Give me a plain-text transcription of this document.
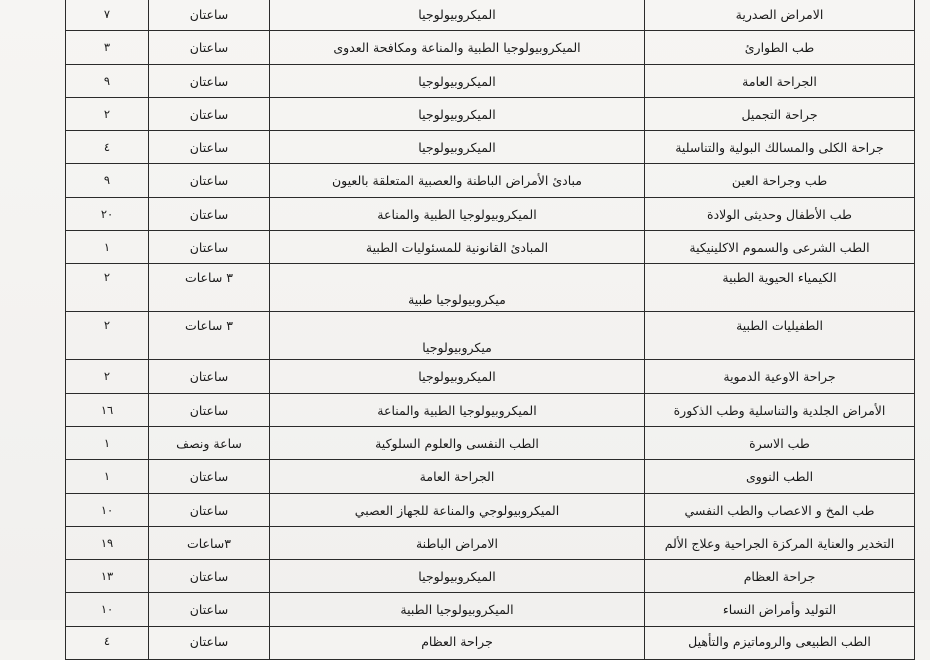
الامراض الصدرية	الميكروبيولوجيا	ساعتان	٧
طب الطوارئ	الميكروبيولوجيا الطبية والمناعة ومكافحة العدوى	ساعتان	٣
الجراحة العامة	الميكروبيولوجيا	ساعتان	٩
جراحة التجميل	الميكروبيولوجيا	ساعتان	٢
جراحة الكلى والمسالك البولية والتناسلية	الميكروبيولوجيا	ساعتان	٤
طب وجراحة العين	مبادئ الأمراض الباطنة والعصبية المتعلقة بالعيون	ساعتان	٩
طب الأطفال وحديثى الولادة	الميكروبيولوجيا الطبية والمناعة	ساعتان	٢٠
الطب الشرعى والسموم الاكلينيكية	المبادئ القانونية للمسئوليات الطبية	ساعتان	١
الكيمياء الحيوية الطبية	ميكروبيولوجيا طبية	٣ ساعات	٢
الطفيليات الطبية	ميكروبيولوجيا	٣ ساعات	٢
جراحة الاوعية الدموية	الميكروبيولوجيا	ساعتان	٢
الأمراض الجلدية والتناسلية وطب الذكورة	الميكروبيولوجيا الطبية والمناعة	ساعتان	١٦
طب الاسرة	الطب النفسى والعلوم السلوكية	ساعة ونصف	١
الطب النووى	الجراحة العامة	ساعتان	١
طب المخ و الاعصاب والطب النفسي	الميكروبيولوجي والمناعة للجهاز العصبي	ساعتان	١٠
التخدير والعناية المركزة الجراحية وعلاج الألم	الامراض الباطنة	٣ساعات	١٩
جراحة العظام	الميكروبيولوجيا	ساعتان	١٣
التوليد وأمراض النساء	الميكروبيولوجيا الطبية	ساعتان	١٠
الطب الطبيعى والروماتيزم والتأهيل	جراحة العظام	ساعتان	٤
